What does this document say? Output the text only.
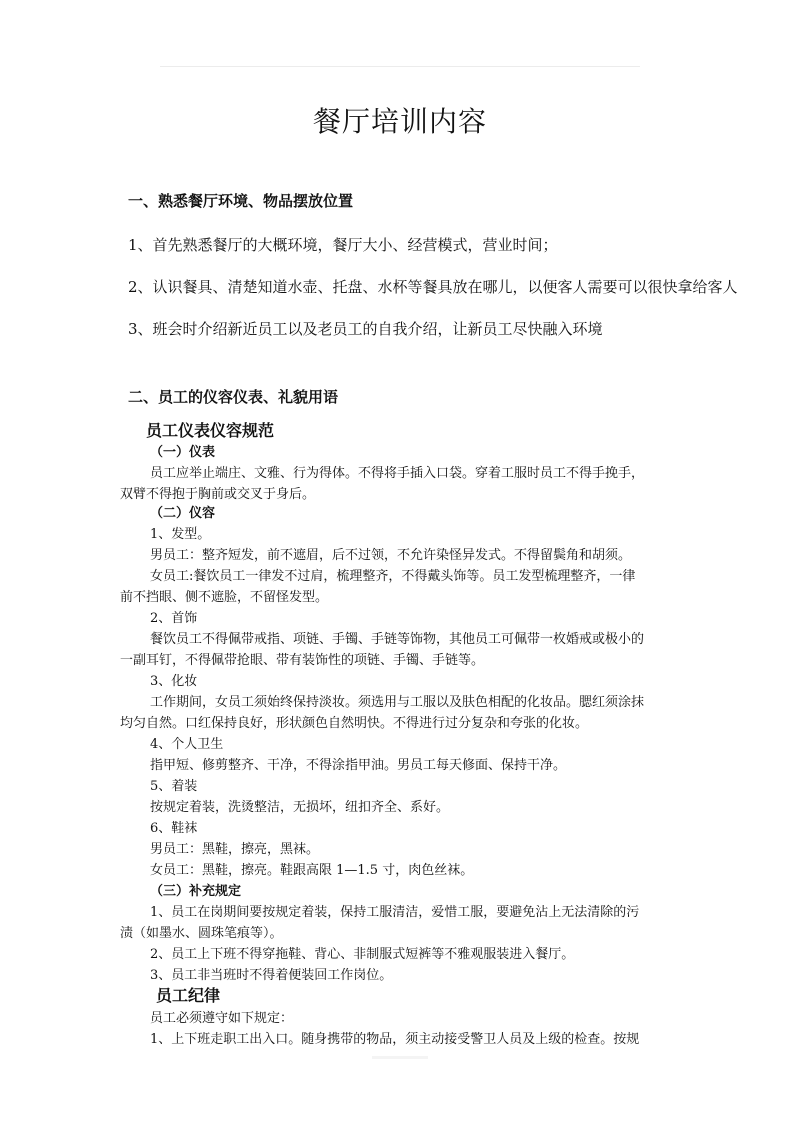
餐厅培训内容
一、熟悉餐厅环境、物品摆放位置
1、首先熟悉餐厅的大概环境，餐厅大小、经营模式，营业时间；
2、认识餐具、清楚知道水壶、托盘、水杯等餐具放在哪儿，以便客人需要可以很快拿给客人
3、班会时介绍新近员工以及老员工的自我介绍，让新员工尽快融入环境
二、员工的仪容仪表、礼貌用语
员工仪表仪容规范
（一）仪表
员工应举止端庄、文雅、行为得体。不得将手插入口袋。穿着工服时员工不得手挽手，
双臂不得抱于胸前或交叉于身后。
（二）仪容
1、发型。
男员工：整齐短发，前不遮眉，后不过领，不允许染怪异发式。不得留鬓角和胡须。
女员工:餐饮员工一律发不过肩，梳理整齐，不得戴头饰等。员工发型梳理整齐，一律
前不挡眼、侧不遮脸，不留怪发型。
2、首饰
餐饮员工不得佩带戒指、项链、手镯、手链等饰物，其他员工可佩带一枚婚戒或极小的
一副耳钉，不得佩带抢眼、带有装饰性的项链、手镯、手链等。
3、化妆
工作期间，女员工须始终保持淡妆。须选用与工服以及肤色相配的化妆品。腮红须涂抹
均匀自然。口红保持良好，形状颜色自然明快。不得进行过分复杂和夸张的化妆。
4、个人卫生
指甲短、修剪整齐、干净，不得涂指甲油。男员工每天修面、保持干净。
5、着装
按规定着装，洗烫整洁，无损坏，纽扣齐全、系好。
6、鞋袜
男员工：黑鞋，擦亮，黑袜。
女员工：黑鞋，擦亮。鞋跟高限 1—1.5 寸，肉色丝袜。
（三）补充规定
1、员工在岗期间要按规定着装，保持工服清洁，爱惜工服，要避免沾上无法清除的污
渍（如墨水、圆珠笔痕等）。
2、员工上下班不得穿拖鞋、背心、非制服式短裤等不雅观服装进入餐厅。
3、员工非当班时不得着便装回工作岗位。
员工纪律
员工必须遵守如下规定：
1、上下班走职工出入口。随身携带的物品，须主动接受警卫人员及上级的检查。按规
